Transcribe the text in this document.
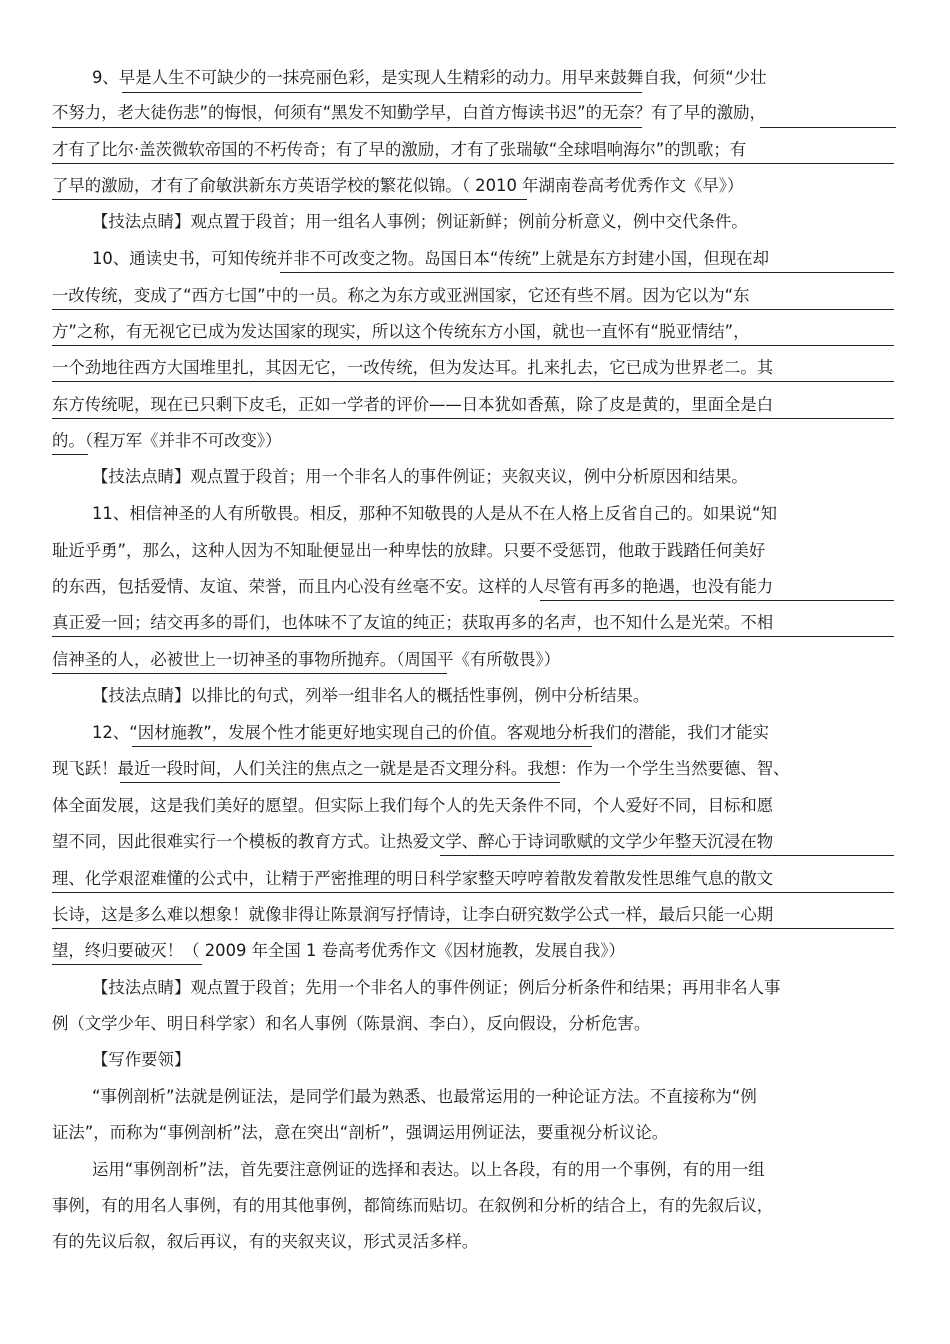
9、早是人生不可缺少的一抹亮丽色彩，是实现人生精彩的动力。用早来鼓舞自我，何须“少壮
不努力，老大徒伤悲”的悔恨，何须有“黑发不知勤学早，白首方悔读书迟”的无奈？有了早的激励，
才有了比尔·盖茨微软帝国的不朽传奇；有了早的激励，才有了张瑞敏“全球唱响海尔”的凯歌；有
了早的激励，才有了俞敏洪新东方英语学校的繁花似锦。（ 2010 年湖南卷高考优秀作文《早》）
【技法点睛】观点置于段首；用一组名人事例；例证新鲜；例前分析意义，例中交代条件。
10、通读史书，可知传统并非不可改变之物。岛国日本“传统”上就是东方封建小国，但现在却
一改传统，变成了“西方七国”中的一员。称之为东方或亚洲国家，它还有些不屑。因为它以为“东
方”之称，有无视它已成为发达国家的现实，所以这个传统东方小国，就也一直怀有“脱亚情结”，
一个劲地往西方大国堆里扎，其因无它，一改传统，但为发达耳。扎来扎去，它已成为世界老二。其
东方传统呢，现在已只剩下皮毛，正如一学者的评价——日本犹如香蕉，除了皮是黄的，里面全是白
的。（程万军《并非不可改变》）
【技法点睛】观点置于段首；用一个非名人的事件例证；夹叙夹议，例中分析原因和结果。
11、相信神圣的人有所敬畏。相反，那种不知敬畏的人是从不在人格上反省自己的。如果说“知
耻近乎勇”，那么，这种人因为不知耻便显出一种卑怯的放肆。只要不受惩罚，他敢于践踏任何美好
的东西，包括爱情、友谊、荣誉，而且内心没有丝毫不安。这样的人尽管有再多的艳遇，也没有能力
真正爱一回；结交再多的哥们，也体味不了友谊的纯正；获取再多的名声，也不知什么是光荣。不相
信神圣的人，必被世上一切神圣的事物所抛弃。（周国平《有所敬畏》）
【技法点睛】以排比的句式，列举一组非名人的概括性事例，例中分析结果。
12、“因材施教”，发展个性才能更好地实现自己的价值。客观地分析我们的潜能，我们才能实
现飞跃！最近一段时间，人们关注的焦点之一就是是否文理分科。我想：作为一个学生当然要德、智、
体全面发展，这是我们美好的愿望。但实际上我们每个人的先天条件不同，个人爱好不同，目标和愿
望不同，因此很难实行一个模板的教育方式。让热爱文学、醉心于诗词歌赋的文学少年整天沉浸在物
理、化学艰涩难懂的公式中，让精于严密推理的明日科学家整天哼哼着散发着散发性思维气息的散文
长诗，这是多么难以想象！就像非得让陈景润写抒情诗，让李白研究数学公式一样，最后只能一心期
望，终归要破灭！（ 2009 年全国 1 卷高考优秀作文《因材施教，发展自我》）
【技法点睛】观点置于段首；先用一个非名人的事件例证；例后分析条件和结果；再用非名人事
例（文学少年、明日科学家）和名人事例（陈景润、李白），反向假设，分析危害。
【写作要领】
“事例剖析”法就是例证法，是同学们最为熟悉、也最常运用的一种论证方法。不直接称为“例
证法”，而称为“事例剖析”法，意在突出“剖析”，强调运用例证法，要重视分析议论。
运用“事例剖析”法，首先要注意例证的选择和表达。以上各段，有的用一个事例，有的用一组
事例，有的用名人事例，有的用其他事例，都简练而贴切。在叙例和分析的结合上，有的先叙后议，
有的先议后叙，叙后再议，有的夹叙夹议，形式灵活多样。
